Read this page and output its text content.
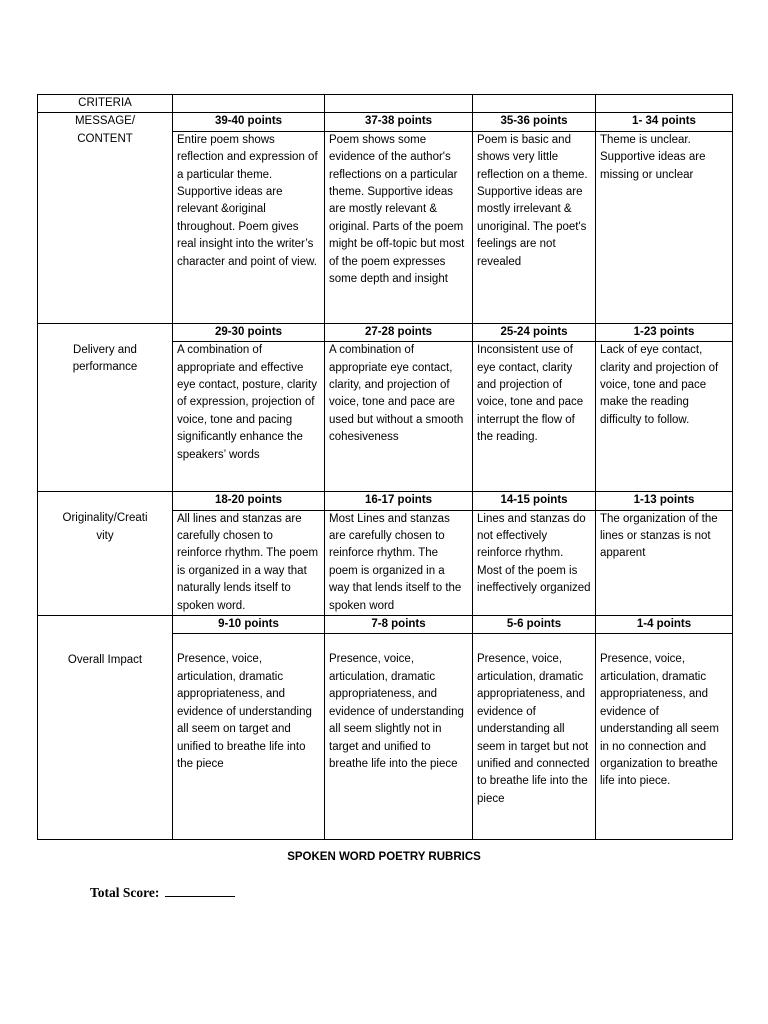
CRITERIA				
MESSAGE/
CONTENT	39-40 points	37-38 points	35-36 points	1- 34 points
	Entire poem shows reflection and expression of a particular theme. Supportive ideas are relevant &original throughout. Poem gives real insight into the writer’s character and point of view.	Poem shows some evidence of the author's reflections on a particular theme. Supportive ideas are mostly relevant & original. Parts of the poem might be off-topic but most of the poem expresses some depth and insight	Poem is basic and shows very little reflection on a theme. Supportive ideas are mostly irrelevant & unoriginal. The poet's feelings are not revealed	Theme is unclear. Supportive ideas are missing or unclear
Delivery and
performance	29-30 points	27-28 points	25-24 points	1-23 points
	A combination of appropriate and effective eye contact, posture, clarity of expression, projection of voice, tone and pacing significantly enhance the speakers’ words	A combination of appropriate eye contact, clarity, and projection of voice, tone and pace are used but without a smooth cohesiveness	Inconsistent use of eye contact, clarity and projection of voice, tone and pace interrupt the flow of the reading.	Lack of eye contact, clarity and projection of voice, tone and pace make the reading difficulty to follow.
Originality/Creati
vity	18-20 points	16-17 points	14-15 points	1-13 points
	All lines and stanzas are carefully chosen to reinforce rhythm. The poem is organized in a way that naturally lends itself to spoken word.	Most Lines and stanzas are carefully chosen to reinforce rhythm. The poem is organized in a way that lends itself to the spoken word	Lines and stanzas do not effectively reinforce rhythm. Most of the poem is ineffectively organized	The organization of the lines or stanzas is not apparent
Overall Impact	9-10 points	7-8 points	5-6 points	1-4 points
	Presence, voice, articulation, dramatic appropriateness, and evidence of understanding all seem on target and unified to breathe life into the piece	Presence, voice, articulation, dramatic appropriateness, and evidence of understanding all seem slightly not in target and unified to breathe life into the piece	Presence, voice, articulation, dramatic appropriateness, and evidence of understanding all seem in target but not unified and connected to breathe life into the piece	Presence, voice, articulation, dramatic appropriateness, and evidence of understanding all seem in no connection and organization to breathe life into piece.
SPOKEN WORD POETRY RUBRICS
Total Score:
